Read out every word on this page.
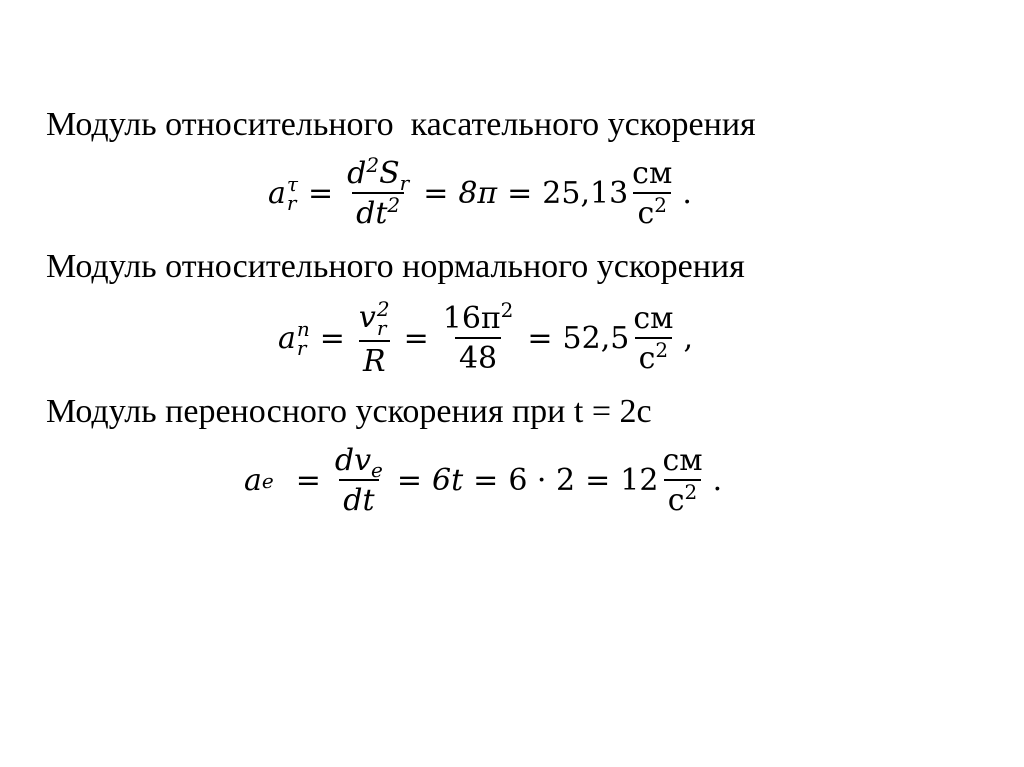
Модуль относительного  касательного ускорения
a τ
$r = \frac{d^2S_r}{dt^2} = 8\pi = 25,13 \frac{см}{с^2}$ .
Модуль относительного нормального ускорения
a n
r = v 2
r
$R = \frac{16\pi^2}{48} = 52,5 \frac{см}{с^2}$ ,
Модуль переносного ускорения при t = 2с
a $e = \frac{dv_e}{dt} = 6t = 6 \cdot 2 = 12 \frac{см}{с^2}$ .
